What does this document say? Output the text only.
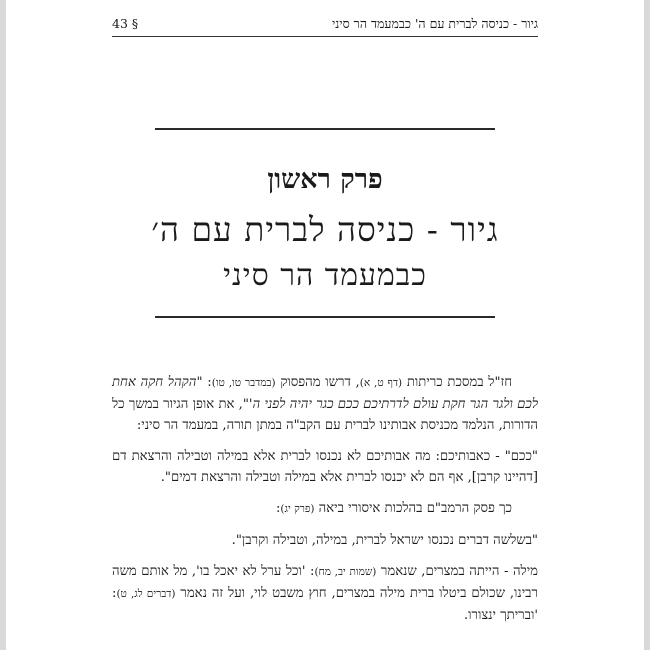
גיור - כניסה לברית עם ה' כבמעמד הר סיני
43 §
פרק ראשון
גיור - כניסה לברית עם ה׳
כבמעמד הר סיני

חז"ל במסכת כריתות (דף ט, א), דרשו מהפסוק (במדבר טו, טו): "הקהל חקה אחת לכם ולגר הגר חקת עולם לדרתיכם ככם כגר יהיה לפני ה'", את אופן הגיור במשך כל הדורות, הנלמד מכניסת אבותינו לברית עם הקב"ה במתן תורה, במעמד הר סיני:

"ככם" - כאבותיכם: מה אבותיכם לא נכנסו לברית אלא במילה וטבילה והרצאת דם [דהיינו קרבן], אף הם לא יכנסו לברית אלא במילה וטבילה והרצאת דמים".

כך פסק הרמב"ם בהלכות איסורי ביאה (פרק יג):

"בשלשה דברים נכנסו ישראל לברית, במילה, וטבילה וקרבן".

מילה - הייתה במצרים, שנאמר (שמות יב, מח): 'וכל ערל לא יאכל בו', מל אותם משה רבינו, שכולם ביטלו ברית מילה במצרים, חוץ משבט לוי, ועל זה נאמר (דברים לג, ט): 'ובריתך ינצורו.
